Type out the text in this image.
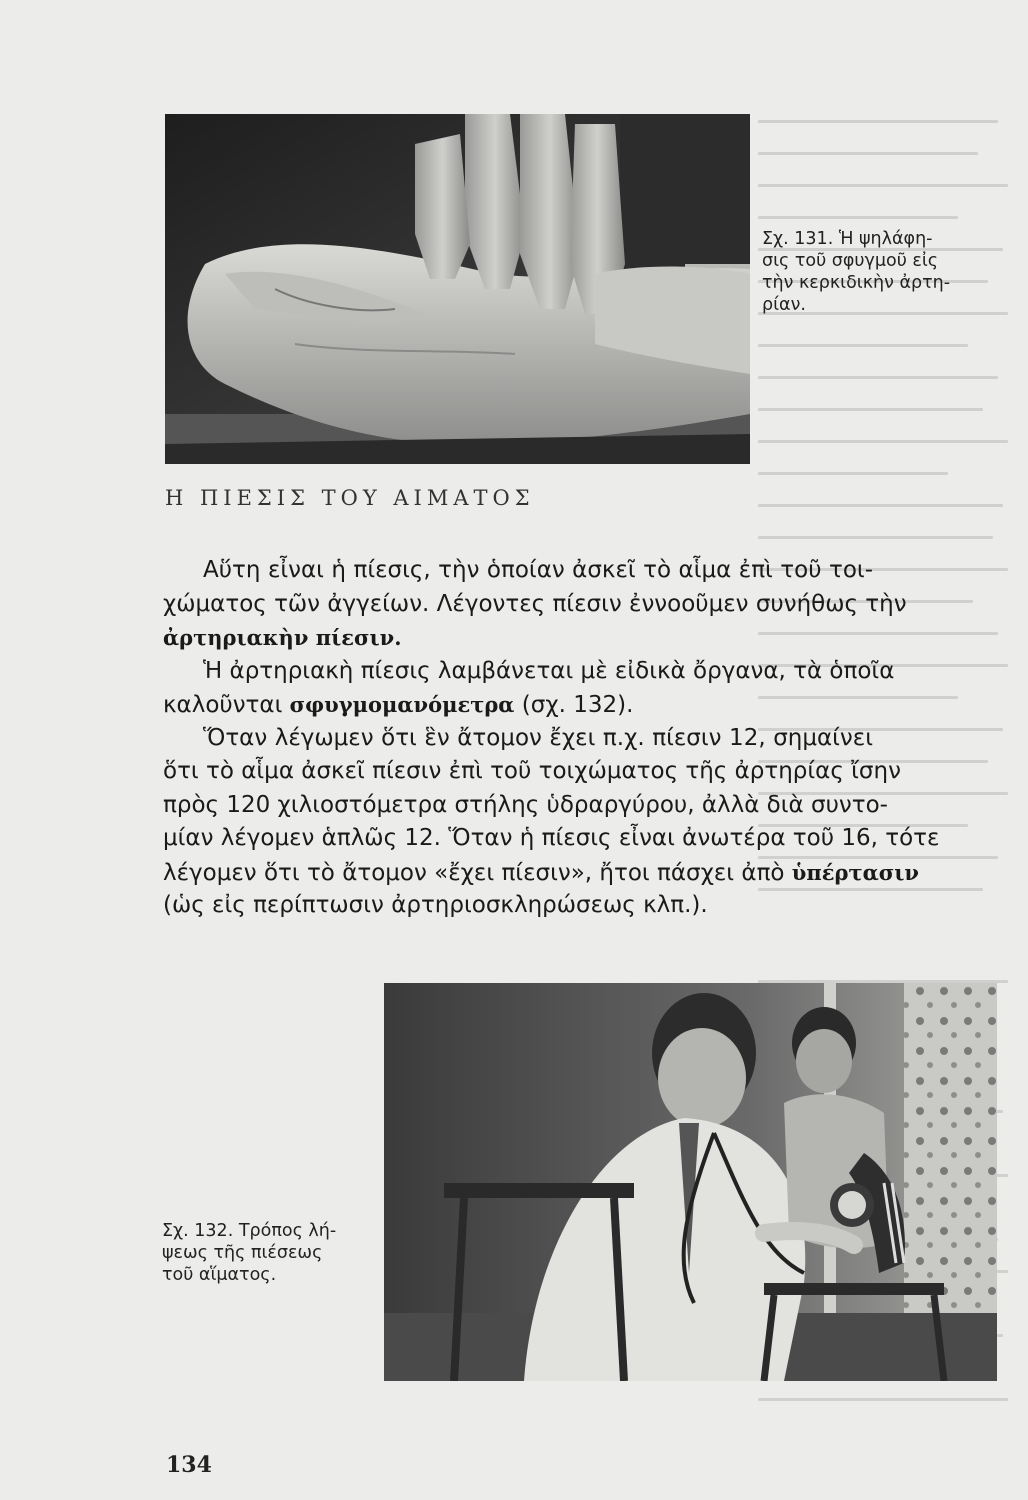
Σχ. 131. Ἡ ψηλάφη-
σις τοῦ σφυγμοῦ εἰς
τὴν κερκιδικὴν ἀρτη-
ρίαν.
Η ΠΙΕΣΙΣ ΤΟΥ ΑΙΜΑΤΟΣ
Αὕτη εἶναι ἡ πίεσις, τὴν ὁποίαν ἀσκεῖ τὸ αἷμα ἐπὶ τοῦ τοι-
χώματος τῶν ἀγγείων. Λέγοντες πίεσιν ἐννοοῦμεν συνήθως τὴν
ἀρτηριακὴν πίεσιν.
Ἡ ἀρτηριακὴ πίεσις λαμβάνεται μὲ εἰδικὰ ὄργανα, τὰ ὁποῖα
καλοῦνται σφυγμομανόμετρα (σχ. 132).
Ὅταν λέγωμεν ὅτι ἓν ἄτομον ἔχει π.χ. πίεσιν 12, σημαίνει
ὅτι τὸ αἷμα ἀσκεῖ πίεσιν ἐπὶ τοῦ τοιχώματος τῆς ἀρτηρίας ἴσην
πρὸς 120 χιλιοστόμετρα στήλης ὑδραργύρου, ἀλλὰ διὰ συντο-
μίαν λέγομεν ἁπλῶς 12. Ὅταν ἡ πίεσις εἶναι ἀνωτέρα τοῦ 16, τότε
λέγομεν ὅτι τὸ ἄτομον «ἔχει πίεσιν», ἤτοι πάσχει ἀπὸ ὑπέρτασιν
(ὡς εἰς περίπτωσιν ἀρτηριοσκληρώσεως κλπ.).
Σχ. 132. Τρόπος λή-
ψεως τῆς πιέσεως
τοῦ αἵματος.
134
